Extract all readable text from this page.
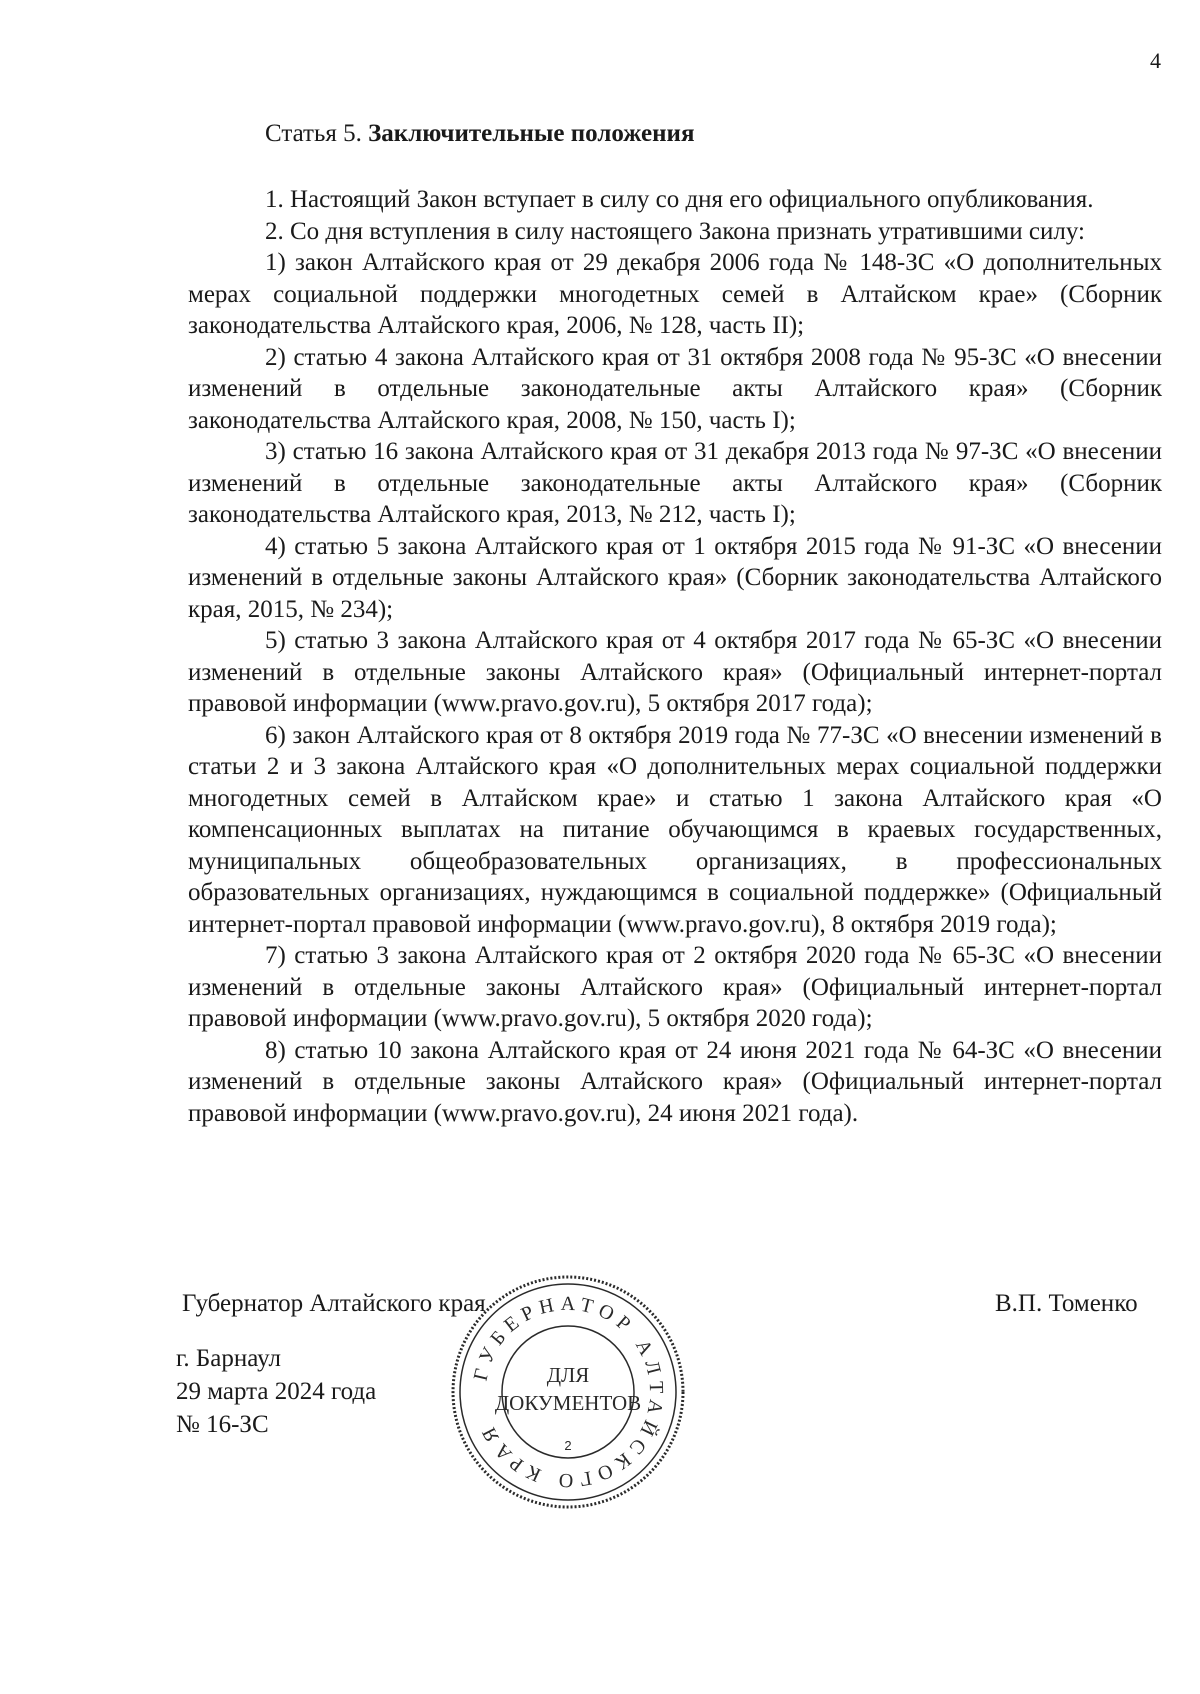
4
Статья 5. Заключительные положения

1. Настоящий Закон вступает в силу со дня его официального опубликования.

2. Со дня вступления в силу настоящего Закона признать утратившими силу:

1) закон Алтайского края от 29 декабря 2006 года № 148-ЗС «О дополнительных мерах социальной поддержки многодетных семей в Алтайском крае» (Сборник законодательства Алтайского края, 2006, № 128, часть II);

2) статью 4 закона Алтайского края от 31 октября 2008 года № 95-ЗС «О внесении изменений в отдельные законодательные акты Алтайского края» (Сборник законодательства Алтайского края, 2008, № 150, часть I);

3) статью 16 закона Алтайского края от 31 декабря 2013 года № 97-ЗС «О внесении изменений в отдельные законодательные акты Алтайского края» (Сборник законодательства Алтайского края, 2013, № 212, часть I);

4) статью 5 закона Алтайского края от 1 октября 2015 года № 91-ЗС «О внесении изменений в отдельные законы Алтайского края» (Сборник законодательства Алтайского края, 2015, № 234);

5) статью 3 закона Алтайского края от 4 октября 2017 года № 65-ЗС «О внесении изменений в отдельные законы Алтайского края» (Официальный интернет-портал правовой информации (www.pravo.gov.ru), 5 октября 2017 года);

6) закон Алтайского края от 8 октября 2019 года № 77-ЗС «О внесении изменений в статьи 2 и 3 закона Алтайского края «О дополнительных мерах социальной поддержки многодетных семей в Алтайском крае» и статью 1 закона Алтайского края «О компенсационных выплатах на питание обучающимся в краевых государственных, муниципальных общеобразовательных организациях, в профессиональных образовательных организациях, нуждающимся в социальной поддержке» (Официальный интернет-портал правовой информации (www.pravo.gov.ru), 8 октября 2019 года);

7) статью 3 закона Алтайского края от 2 октября 2020 года № 65-ЗС «О внесении изменений в отдельные законы Алтайского края» (Официальный интернет-портал правовой информации (www.pravo.gov.ru), 5 октября 2020 года);

8) статью 10 закона Алтайского края от 24 июня 2021 года № 64-ЗС «О внесении изменений в отдельные законы Алтайского края» (Официальный интернет-портал правовой информации (www.pravo.gov.ru), 24 июня 2021 года).

Губернатор Алтайского края	В.П. Томенко
г. Барнаул
29 марта 2024 года
№ 16-ЗС
ГУБЕРНАТОР АЛТАЙСКОГО КРАЯ
ДЛЯ
ДОКУМЕНТОВ
2
